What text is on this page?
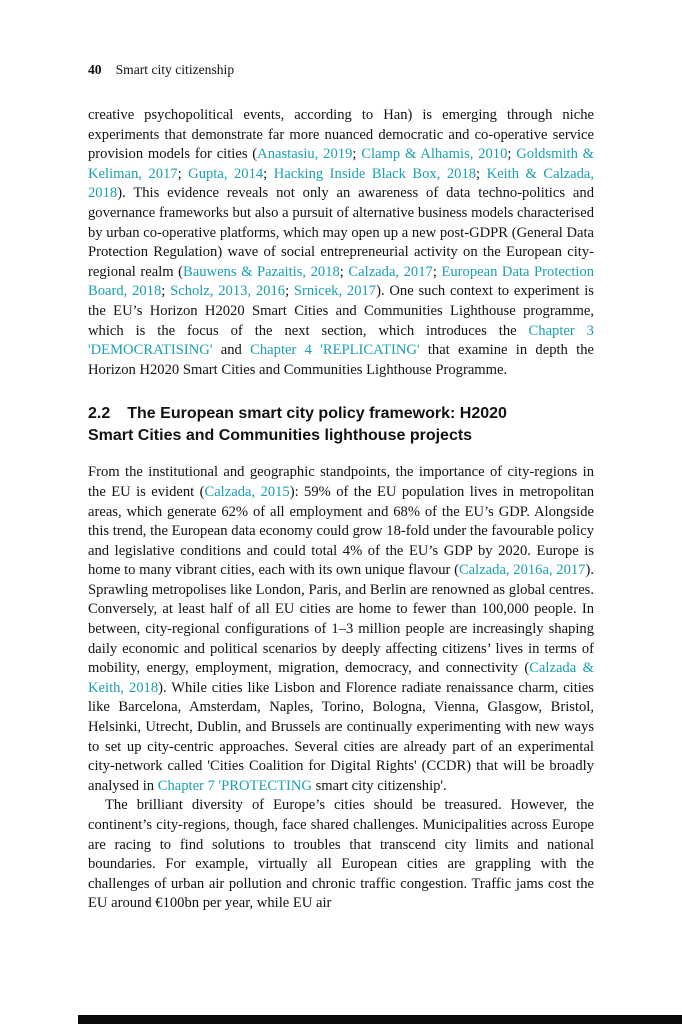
40 Smart city citizenship

creative psychopolitical events, according to Han) is emerging through niche experiments that demonstrate far more nuanced democratic and co-operative service provision models for cities (Anastasiu, 2019; Clamp & Alhamis, 2010; Goldsmith & Keliman, 2017; Gupta, 2014; Hacking Inside Black Box, 2018; Keith & Calzada, 2018). This evidence reveals not only an awareness of data techno-politics and governance frameworks but also a pursuit of alternative business models characterised by urban co-operative platforms, which may open up a new post-GDPR (General Data Protection Regulation) wave of social entrepreneurial activity on the European city-regional realm (Bauwens & Pazaitis, 2018; Calzada, 2017; European Data Protection Board, 2018; Scholz, 2013, 2016; Srnicek, 2017). One such context to experiment is the EU’s Horizon H2020 Smart Cities and Communities Lighthouse programme, which is the focus of the next section, which introduces the Chapter 3 'DEMOCRATISING' and Chapter 4 'REPLICATING' that examine in depth the Horizon H2020 Smart Cities and Communities Lighthouse Programme.

2.2 The European smart city policy framework: H2020
Smart Cities and Communities lighthouse projects

From the institutional and geographic standpoints, the importance of city-regions in the EU is evident (Calzada, 2015): 59% of the EU population lives in metropolitan areas, which generate 62% of all employment and 68% of the EU’s GDP. Alongside this trend, the European data economy could grow 18-fold under the favourable policy and legislative conditions and could total 4% of the EU’s GDP by 2020. Europe is home to many vibrant cities, each with its own unique flavour (Calzada, 2016a, 2017). Sprawling metropolises like London, Paris, and Berlin are renowned as global centres. Conversely, at least half of all EU cities are home to fewer than 100,000 people. In between, city-regional configurations of 1–3 million people are increasingly shaping daily economic and political scenarios by deeply affecting citizens’ lives in terms of mobility, energy, employment, migration, democracy, and connectivity (Calzada & Keith, 2018). While cities like Lisbon and Florence radiate renaissance charm, cities like Barcelona, Amsterdam, Naples, Torino, Bologna, Vienna, Glasgow, Bristol, Helsinki, Utrecht, Dublin, and Brussels are continually experimenting with new ways to set up city-centric approaches. Several cities are already part of an experimental city-network called 'Cities Coalition for Digital Rights' (CCDR) that will be broadly analysed in Chapter 7 'PROTECTING smart city citizenship'.

The brilliant diversity of Europe’s cities should be treasured. However, the continent’s city-regions, though, face shared challenges. Municipalities across Europe are racing to find solutions to troubles that transcend city limits and national boundaries. For example, virtually all European cities are grappling with the challenges of urban air pollution and chronic traffic congestion. Traffic jams cost the EU around €100bn per year, while EU air
